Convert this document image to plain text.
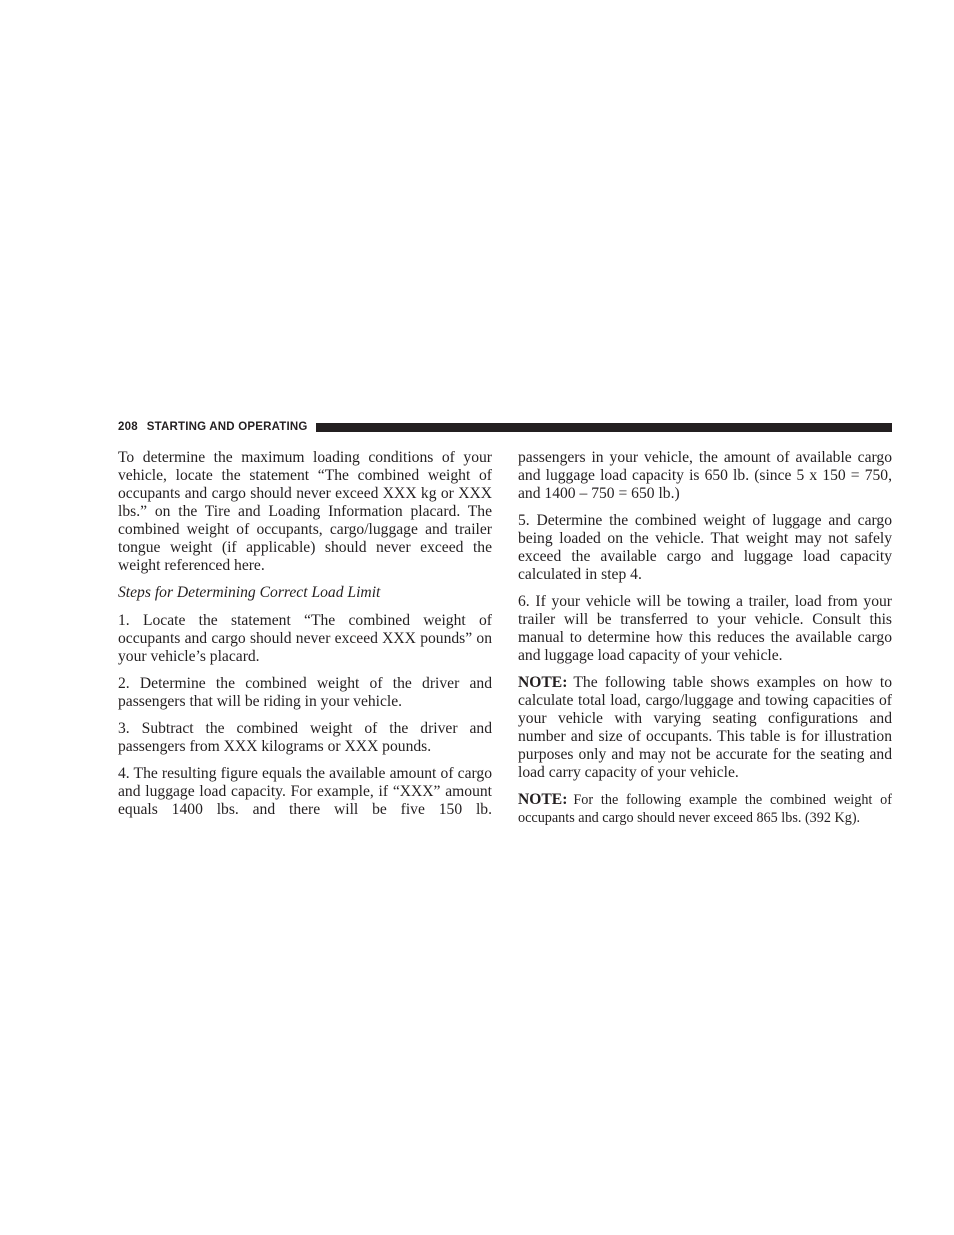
208 STARTING AND OPERATING

To determine the maximum loading conditions of your vehicle, locate the statement “The combined weight of occupants and cargo should never exceed XXX kg or XXX lbs.” on the Tire and Loading Information placard. The combined weight of occupants, cargo/luggage and trailer tongue weight (if applicable) should never exceed the weight referenced here.

Steps for Determining Correct Load Limit

1. Locate the statement “The combined weight of occupants and cargo should never exceed XXX pounds” on your vehicle’s placard.

2. Determine the combined weight of the driver and passengers that will be riding in your vehicle.

3. Subtract the combined weight of the driver and passengers from XXX kilograms or XXX pounds.

4. The resulting figure equals the available amount of cargo and luggage load capacity. For example, if “XXX” amount equals 1400 lbs. and there will be five 150 lb.

passengers in your vehicle, the amount of available cargo and luggage load capacity is 650 lb. (since 5 x 150 = 750, and 1400 – 750 = 650 lb.)

5. Determine the combined weight of luggage and cargo being loaded on the vehicle. That weight may not safely exceed the available cargo and luggage load capacity calculated in step 4.

6. If your vehicle will be towing a trailer, load from your trailer will be transferred to your vehicle. Consult this manual to determine how this reduces the available cargo and luggage load capacity of your vehicle.

NOTE: The following table shows examples on how to calculate total load, cargo/luggage and towing capacities of your vehicle with varying seating configurations and number and size of occupants. This table is for illustration purposes only and may not be accurate for the seating and load carry capacity of your vehicle.

NOTE: For the following example the combined weight of occupants and cargo should never exceed 865 lbs. (392 Kg).
